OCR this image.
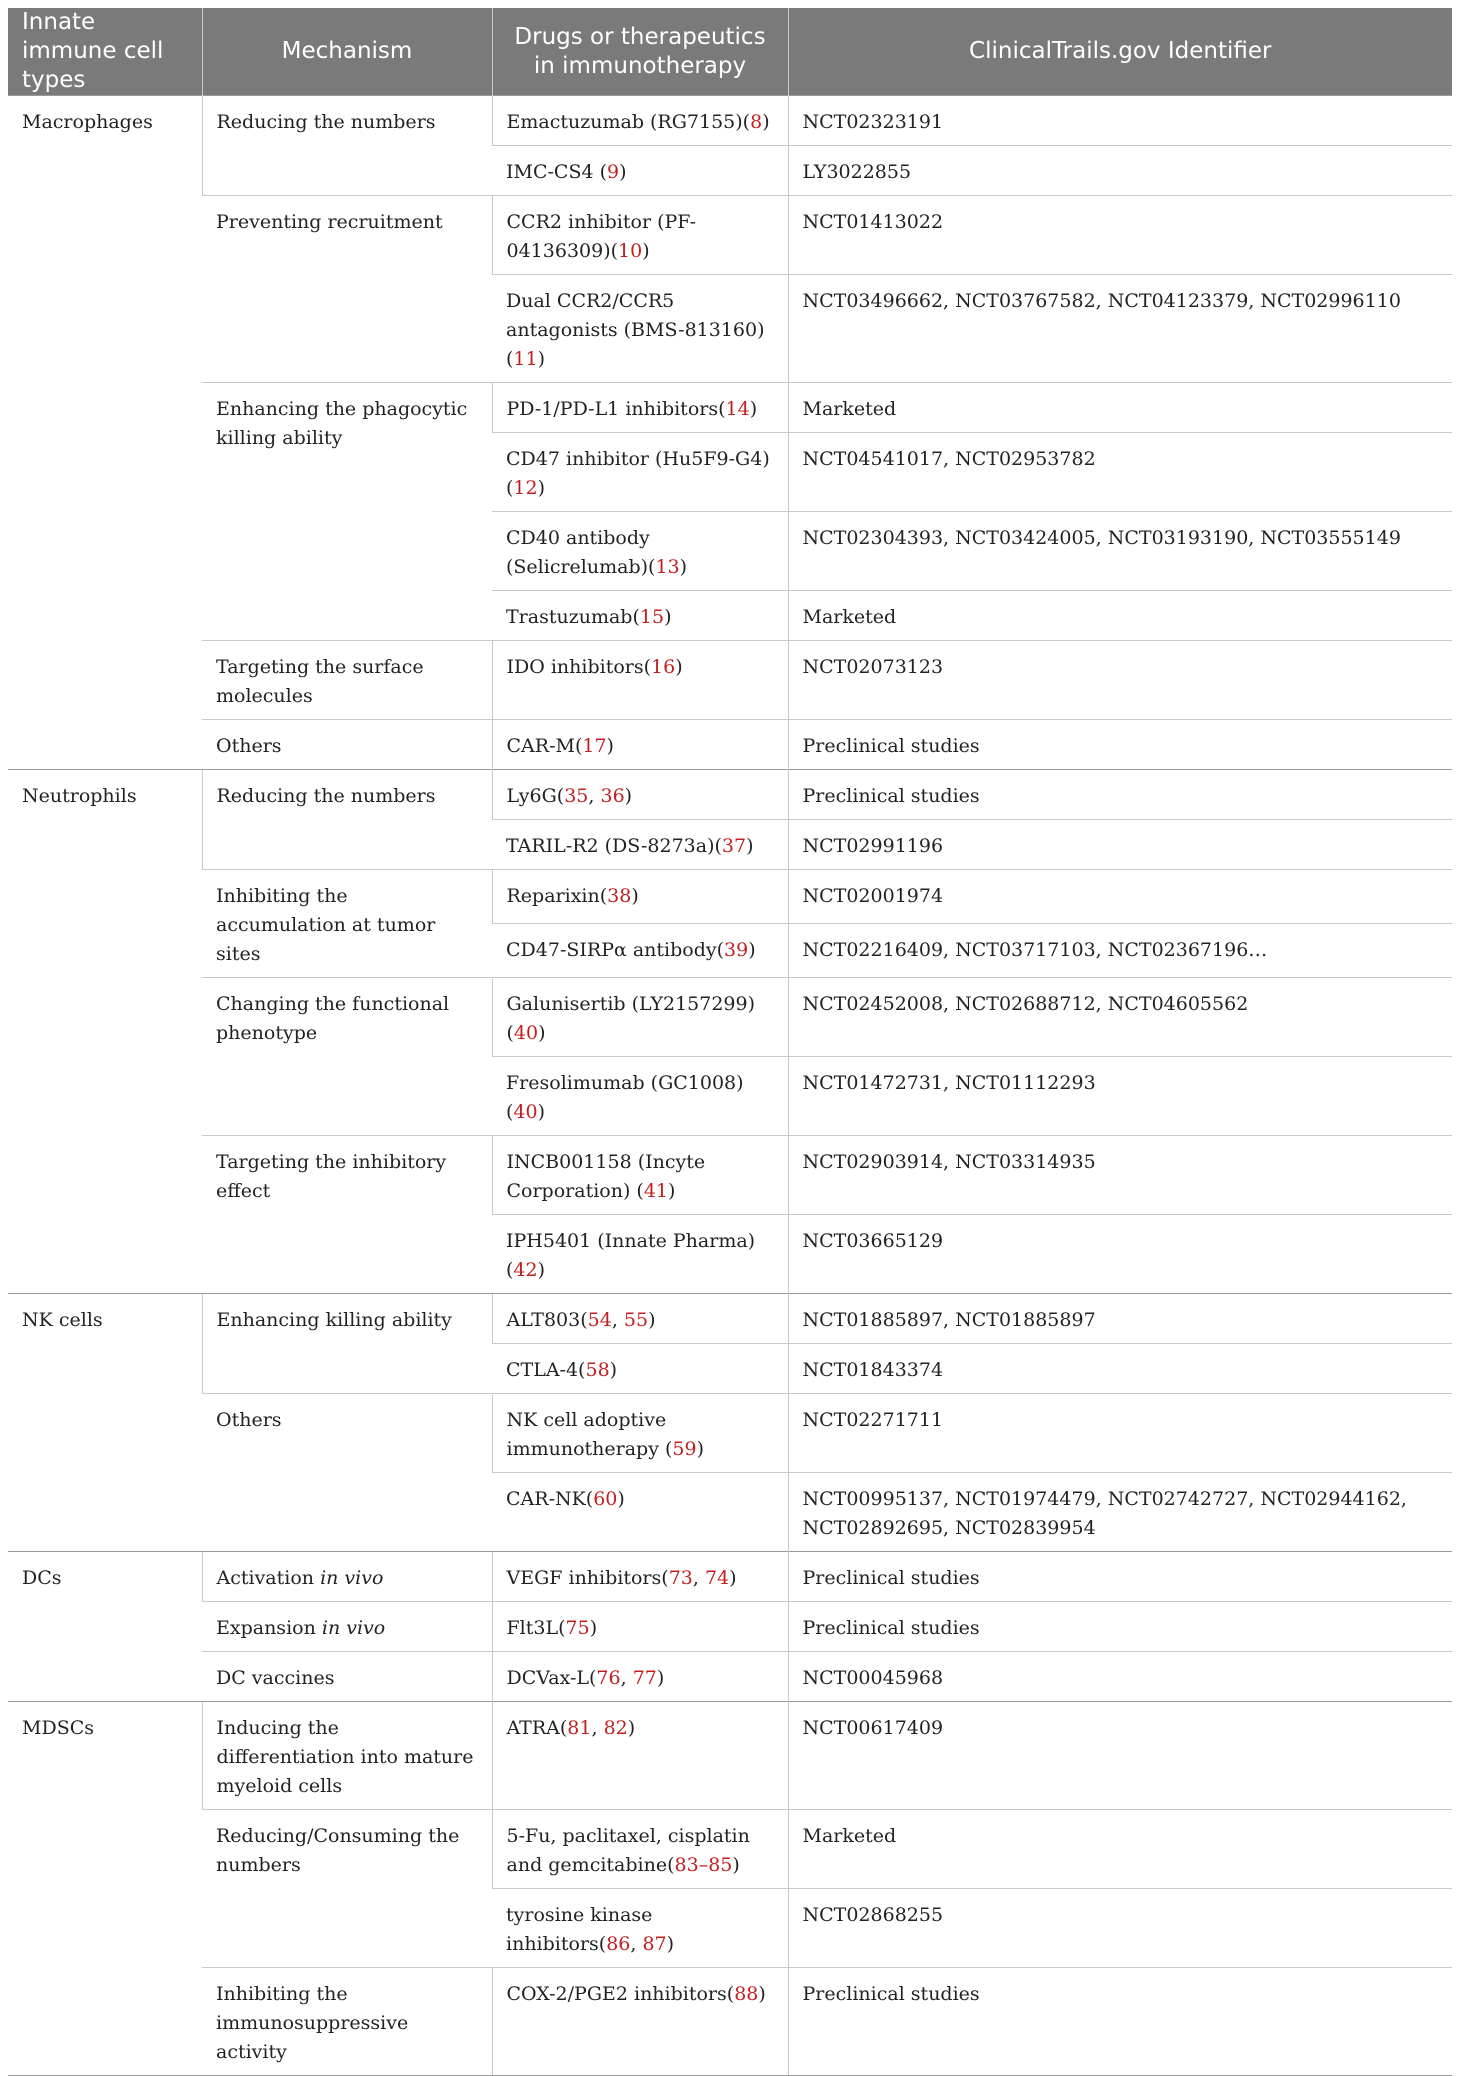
Innate immune cell types	Mechanism	Drugs or therapeutics in immunotherapy	ClinicalTrails.gov Identifier
Macrophages	Reducing the numbers	Emactuzumab (RG7155)(8)	NCT02323191
		IMC-CS4 (9)	LY3022855
	Preventing recruitment	CCR2 inhibitor (PF-04136309)(10)	NCT01413022
		Dual CCR2/CCR5 antagonists (BMS-813160)(11)	NCT03496662, NCT03767582, NCT04123379, NCT02996110
	Enhancing the phagocytic killing ability	PD-1/PD-L1 inhibitors(14)	Marketed
		CD47 inhibitor (Hu5F9-G4)(12)	NCT04541017, NCT02953782
		CD40 antibody (Selicrelumab)(13)	NCT02304393, NCT03424005, NCT03193190, NCT03555149
		Trastuzumab(15)	Marketed
	Targeting the surface molecules	IDO inhibitors(16)	NCT02073123
	Others	CAR-M(17)	Preclinical studies
Neutrophils	Reducing the numbers	Ly6G(35, 36)	Preclinical studies
		TARIL-R2 (DS-8273a)(37)	NCT02991196
	Inhibiting the accumulation at tumor sites	Reparixin(38)	NCT02001974
		CD47-SIRPα antibody(39)	NCT02216409, NCT03717103, NCT02367196…
	Changing the functional phenotype	Galunisertib (LY2157299)(40)	NCT02452008, NCT02688712, NCT04605562
		Fresolimumab (GC1008)(40)	NCT01472731, NCT01112293
	Targeting the inhibitory effect	INCB001158 (Incyte Corporation) (41)	NCT02903914, NCT03314935
		IPH5401 (Innate Pharma)(42)	NCT03665129
NK cells	Enhancing killing ability	ALT803(54, 55)	NCT01885897, NCT01885897
		CTLA-4(58)	NCT01843374
	Others	NK cell adoptive immunotherapy (59)	NCT02271711
		CAR-NK(60)	NCT00995137, NCT01974479, NCT02742727, NCT02944162, NCT02892695, NCT02839954
DCs	Activation in vivo	VEGF inhibitors(73, 74)	Preclinical studies
	Expansion in vivo	Flt3L(75)	Preclinical studies
	DC vaccines	DCVax-L(76, 77)	NCT00045968
MDSCs	Inducing the differentiation into mature myeloid cells	ATRA(81, 82)	NCT00617409
	Reducing/Consuming the numbers	5-Fu, paclitaxel, cisplatin and gemcitabine(83–85)	Marketed
		tyrosine kinase inhibitors(86, 87)	NCT02868255
	Inhibiting the immunosuppressive activity	COX-2/PGE2 inhibitors(88)	Preclinical studies
